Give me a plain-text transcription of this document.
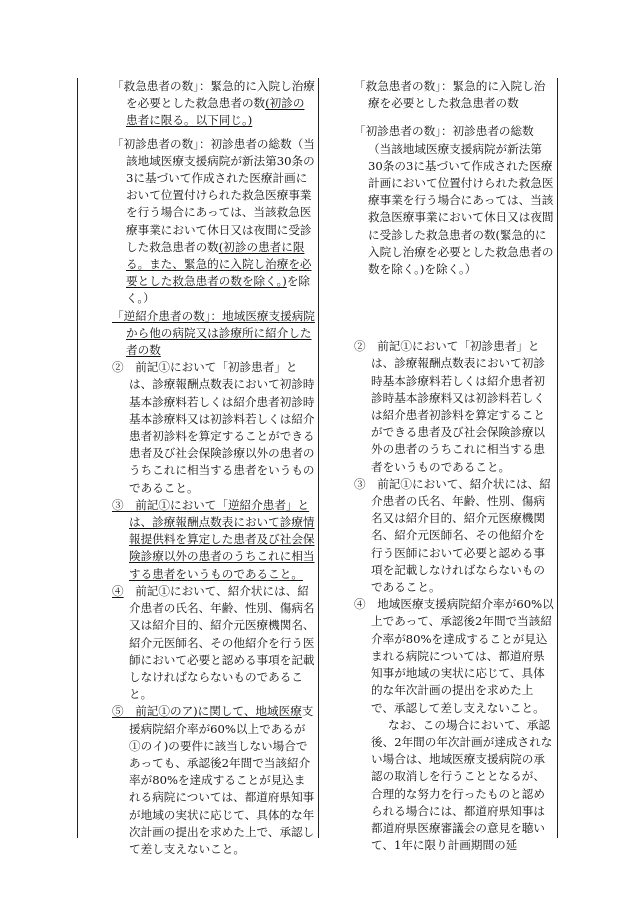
「救急患者の数」：緊急的に入院し治療を必要とした救急患者の数(初診の患者に限る。以下同じ。)

「初診患者の数」：初診患者の総数（当該地域医療支援病院が新法第30条の3に基づいて作成された医療計画において位置付けられた救急医療事業を行う場合にあっては、当該救急医療事業において休日又は夜間に受診した救急患者の数(初診の患者に限る。また、緊急的に入院し治療を必要とした救急患者の数を除く。)を除く。）

「逆紹介患者の数」：地域医療支援病院から他の病院又は診療所に紹介した者の数

②　前記①において「初診患者」とは、診療報酬点数表において初診時基本診療料若しくは紹介患者初診時基本診療料又は初診料若しくは紹介患者初診料を算定することができる患者及び社会保険診療以外の患者のうちこれに相当する患者をいうものであること。

③　前記①において「逆紹介患者」とは、診療報酬点数表において診療情報提供料を算定した患者及び社会保険診療以外の患者のうちこれに相当する患者をいうものであること。

④　前記①において、紹介状には、紹介患者の氏名、年齢、性別、傷病名又は紹介目的、紹介元医療機関名、紹介元医師名、その他紹介を行う医師において必要と認める事項を記載しなければならないものであること。

⑤　前記①のア)に関して、地域医療支援病院紹介率が60%以上であるが①のイ)の要件に該当しない場合であっても、承認後2年間で当該紹介率が80%を達成することが見込まれる病院については、都道府県知事が地域の実状に応じて、具体的な年次計画の提出を求めた上で、承認して差し支えないこと。

「救急患者の数」：緊急的に入院し治療を必要とした救急患者の数

「初診患者の数」：初診患者の総数（当該地域医療支援病院が新法第30条の3に基づいて作成された医療計画において位置付けられた救急医療事業を行う場合にあっては、当該救急医療事業において休日又は夜間に受診した救急患者の数(緊急的に入院し治療を必要とした救急患者の数を除く。)を除く。）

②　前記①において「初診患者」とは、診療報酬点数表において初診時基本診療料若しくは紹介患者初診時基本診療料又は初診料若しくは紹介患者初診料を算定することができる患者及び社会保険診療以外の患者のうちこれに相当する患者をいうものであること。

③　前記①において、紹介状には、紹介患者の氏名、年齢、性別、傷病名又は紹介目的、紹介元医療機関名、紹介元医師名、その他紹介を行う医師において必要と認める事項を記載しなければならないものであること。

④　地域医療支援病院紹介率が60%以上であって、承認後2年間で当該紹介率が80%を達成することが見込まれる病院については、都道府県知事が地域の実状に応じて、具体的な年次計画の提出を求めた上で、承認して差し支えないこと。

なお、この場合において、承認後、2年間の年次計画が達成されない場合は、地域医療支援病院の承認の取消しを行うこととなるが、合理的な努力を行ったものと認められる場合には、都道府県知事は都道府県医療審議会の意見を聴いて、1年に限り計画期間の延
